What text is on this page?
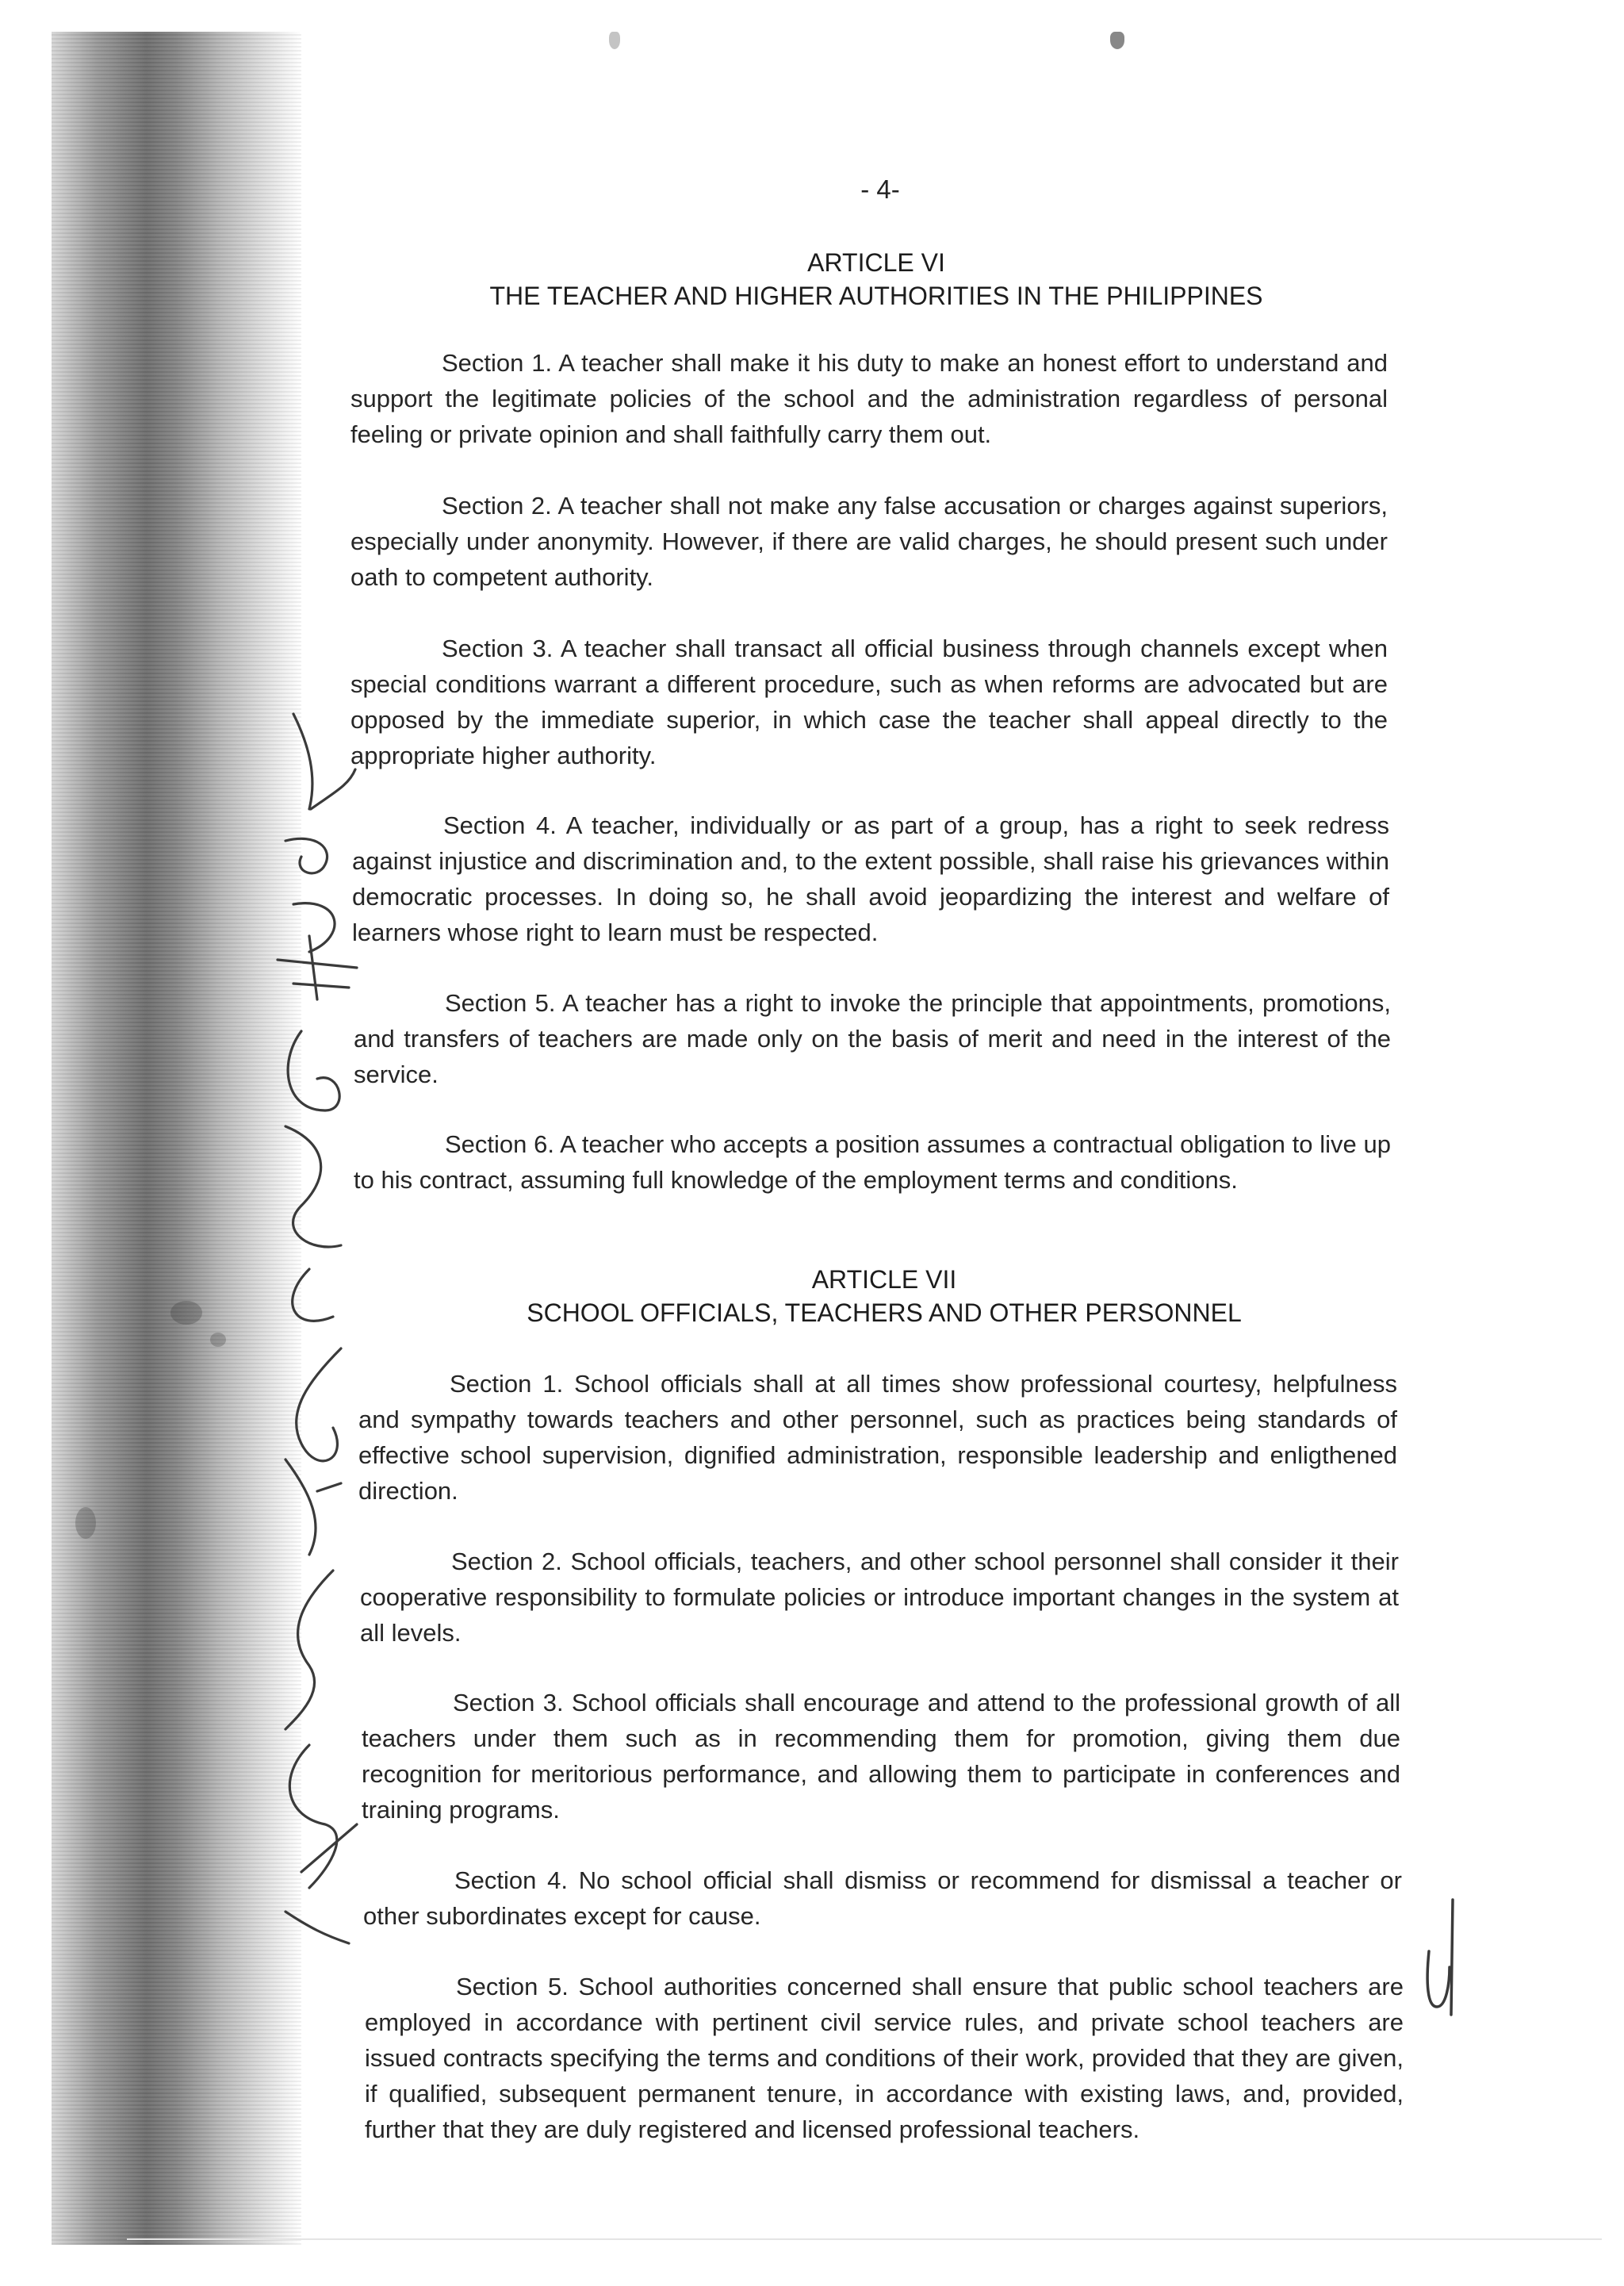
- 4-
ARTICLE VI
THE TEACHER AND HIGHER AUTHORITIES IN THE PHILIPPINES

Section 1. A teacher shall make it his duty to make an honest effort to understand and support the legitimate policies of the school and the administration regardless of personal feeling or private opinion and shall faithfully carry them out.

Section 2. A teacher shall not make any false accusation or charges against superiors, especially under anonymity. However, if there are valid charges, he should present such under oath to competent authority.

Section 3. A teacher shall transact all official business through channels except when special conditions warrant a different procedure, such as when reforms are advocated but are opposed by the immediate superior, in which case the teacher shall appeal directly to the appropriate higher authority.

Section 4. A teacher, individually or as part of a group, has a right to seek redress against injustice and discrimination and, to the extent possible, shall raise his grievances within democratic processes. In doing so, he shall avoid jeopardizing the interest and welfare of learners whose right to learn must be respected.

Section 5. A teacher has a right to invoke the principle that appointments, promotions, and transfers of teachers are made only on the basis of merit and need in the interest of the service.

Section 6. A teacher who accepts a position assumes a contractual obligation to live up to his contract, assuming full knowledge of the employment terms and conditions.

ARTICLE VII
SCHOOL OFFICIALS, TEACHERS AND OTHER PERSONNEL

Section 1. School officials shall at all times show professional courtesy, helpfulness and sympathy towards teachers and other personnel, such as practices being standards of effective school supervision, dignified administration, responsible leadership and enligthened direction.

Section 2. School officials, teachers, and other school personnel shall consider it their cooperative responsibility to formulate policies or introduce important changes in the system at all levels.

Section 3. School officials shall encourage and attend to the professional growth of all teachers under them such as in recommending them for promotion, giving them due recognition for meritorious performance, and allowing them to participate in conferences and training programs.

Section 4. No school official shall dismiss or recommend for dismissal a teacher or other subordinates except for cause.

Section 5. School authorities concerned shall ensure that public school teachers are employed in accordance with pertinent civil service rules, and private school teachers are issued contracts specifying the terms and conditions of their work, provided that they are given, if qualified, subsequent permanent tenure, in accordance with existing laws, and, provided, further that they are duly registered and licensed professional teachers.
